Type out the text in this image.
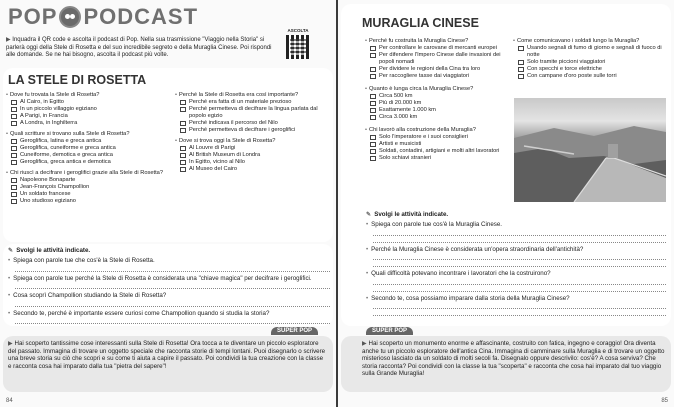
POP PODCAST
▶ Inquadra il QR code e ascolta il podcast di Pop. Nella sua trasmissione "Viaggio nella Storia" si parlerà oggi della Stele di Rosetta e del suo incredibile segreto e della Muraglia Cinese. Poi rispondi alle domande. Se ne hai bisogno, ascolta il podcast più volte.
ASCOLTA
LA STELE DI ROSETTA
• Dove fu trovata la Stele di Rosetta?
Al Cairo, in Egitto
In un piccolo villaggio egiziano
A Parigi, in Francia
A Londra, in Inghilterra
• Quali scritture si trovano sulla Stele di Rosetta?
Geroglifica, latina e greca antica
Geroglifica, cuneiforme e greca antica
Cuneiforme, demotica e greca antica
Geroglifica, greca antica e demotica
• Chi riuscì a decifrare i geroglifici grazie alla Stele di Rosetta?
Napoleone Bonaparte
Jean-François Champollion
Un soldato francese
Uno studioso egiziano
• Perché la Stele di Rosetta era così importante?
Perché era fatta di un materiale prezioso
Perché permetteva di decifrare la lingua parlata dal popolo egizio
Perché indicava il percorso del Nilo
Perché permetteva di decifrare i geroglifici
• Dove si trova oggi la Stele di Rosetta?
Al Louvre di Parigi
Al British Museum di Londra
In Egitto, vicino al Nilo
Al Museo del Cairo
✎ Svolgi le attività indicate.
• Spiega con parole tue che cos'è la Stele di Rosetta.
• Spiega con parole tue perché la Stele di Rosetta è considerata una "chiave magica" per decifrare i geroglifici.
• Cosa scoprì Champollion studiando la Stele di Rosetta?
• Secondo te, perché è importante essere curiosi come Champollion quando si studia la storia?
SUPER POP
▶ Hai scoperto tantissime cose interessanti sulla Stele di Rosetta! Ora tocca a te diventare un piccolo esploratore del passato. Immagina di trovare un oggetto speciale che racconta storie di tempi lontani. Puoi disegnarlo o scrivere una breve storia su ciò che scopri e su come ti aiuta a capire il passato. Poi condividi la tua creazione con la classe e racconta cosa hai imparato dalla tua "pietra del sapere"!
84
MURAGLIA CINESE
• Perché fu costruita la Muraglia Cinese?
Per controllare le carovane di mercanti europei
Per difendere l'Impero Cinese dalle invasioni dei popoli nomadi
Per dividere le regioni della Cina tra loro
Per raccogliere tasse dai viaggiatori
• Quanto è lunga circa la Muraglia Cinese?
Circa 500 km
Più di 20.000 km
Esattamente 1.000 km
Circa 3.000 km
• Chi lavorò alla costruzione della Muraglia?
Solo l'imperatore e i suoi consiglieri
Artisti e musicisti
Soldati, contadini, artigiani e molti altri lavoratori
Solo schiavi stranieri
• Come comunicavano i soldati lungo la Muraglia?
Usando segnali di fumo di giorno e segnali di fuoco di notte
Solo tramite piccioni viaggiatori
Con specchi e torce elettriche
Con campane d'oro poste sulle torri
✎ Svolgi le attività indicate.
• Spiega con parole tue cos'è la Muraglia Cinese.
• Perché la Muraglia Cinese è considerata un'opera straordinaria dell'antichità?
• Quali difficoltà potevano incontrare i lavoratori che la costruirono?
• Secondo te, cosa possiamo imparare dalla storia della Muraglia Cinese?
SUPER POP
▶ Hai scoperto un monumento enorme e affascinante, costruito con fatica, ingegno e coraggio! Ora diventa anche tu un piccolo esploratore dell'antica Cina. Immagina di camminare sulla Muraglia e di trovare un oggetto misterioso lasciato da un soldato di molti secoli fa. Disegnalo oppure descrivilo: cos'è? A cosa serviva? Che storia racconta? Poi condividi con la classe la tua "scoperta" e racconta che cosa hai imparato dal tuo viaggio sulla Grande Muraglia!
85
